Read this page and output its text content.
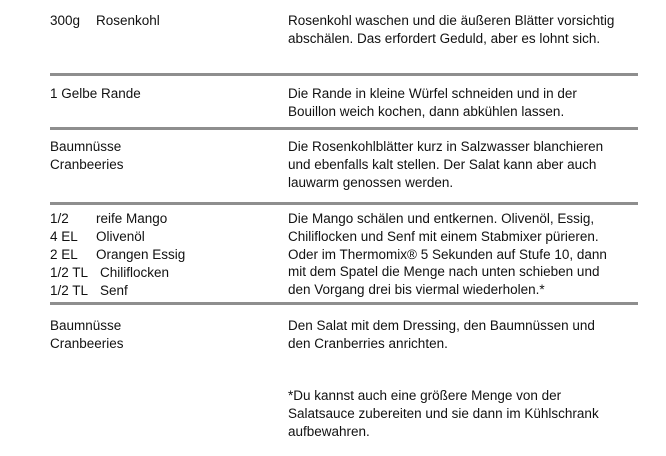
300g Rosenkohl	Rosenkohl waschen und die äußeren Blätter vorsichtig abschälen. Das erfordert Geduld, aber es lohnt sich.
1 Gelbe Rande	Die Rande in kleine Würfel schneiden und in der Bouillon weich kochen, dann abkühlen lassen.
Baumnüsse
Cranbeeries
Die Rosenkohlblätter kurz in Salzwasser blanchieren und ebenfalls kalt stellen. Der Salat kann aber auch lauwarm genossen werden.
1/2 reife Mango
4 EL Olivenöl
2 EL Orangen Essig
1/2 TL Chiliflocken
1/2 TL Senf
Die Mango schälen und entkernen. Olivenöl, Essig, Chiliflocken und Senf mit einem Stabmixer pürieren. Oder im Thermomix® 5 Sekunden auf Stufe 10, dann mit dem Spatel die Menge nach unten schieben und den Vorgang drei bis viermal wiederholen.*
Baumnüsse
Cranbeeries
Den Salat mit dem Dressing, den Baumnüssen und den Cranberries anrichten.
*Du kannst auch eine größere Menge von der Salatsauce zubereiten und sie dann im Kühlschrank aufbewahren.
